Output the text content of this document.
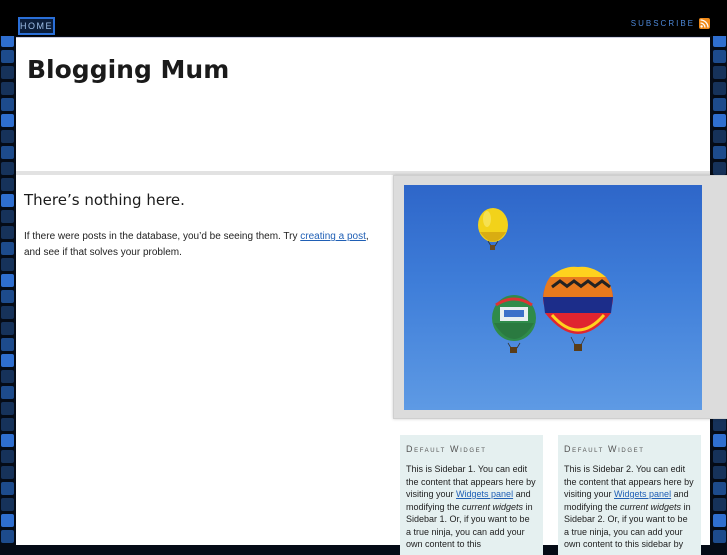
HOME	SUBSCRIBE
Blogging Mum
There’s nothing here.

If there were posts in the database, you’d be seeing them. Try creating a post, and see if that solves your problem.

Default Widget

This is Sidebar 1. You can edit the content that appears here by visiting your Widgets panel and modifying the current widgets in Sidebar 1. Or, if you want to be a true ninja, you can add your own content to this

Default Widget

This is Sidebar 2. You can edit the content that appears here by visiting your Widgets panel and modifying the current widgets in Sidebar 2. Or, if you want to be a true ninja, you can add your own content to this sidebar by
